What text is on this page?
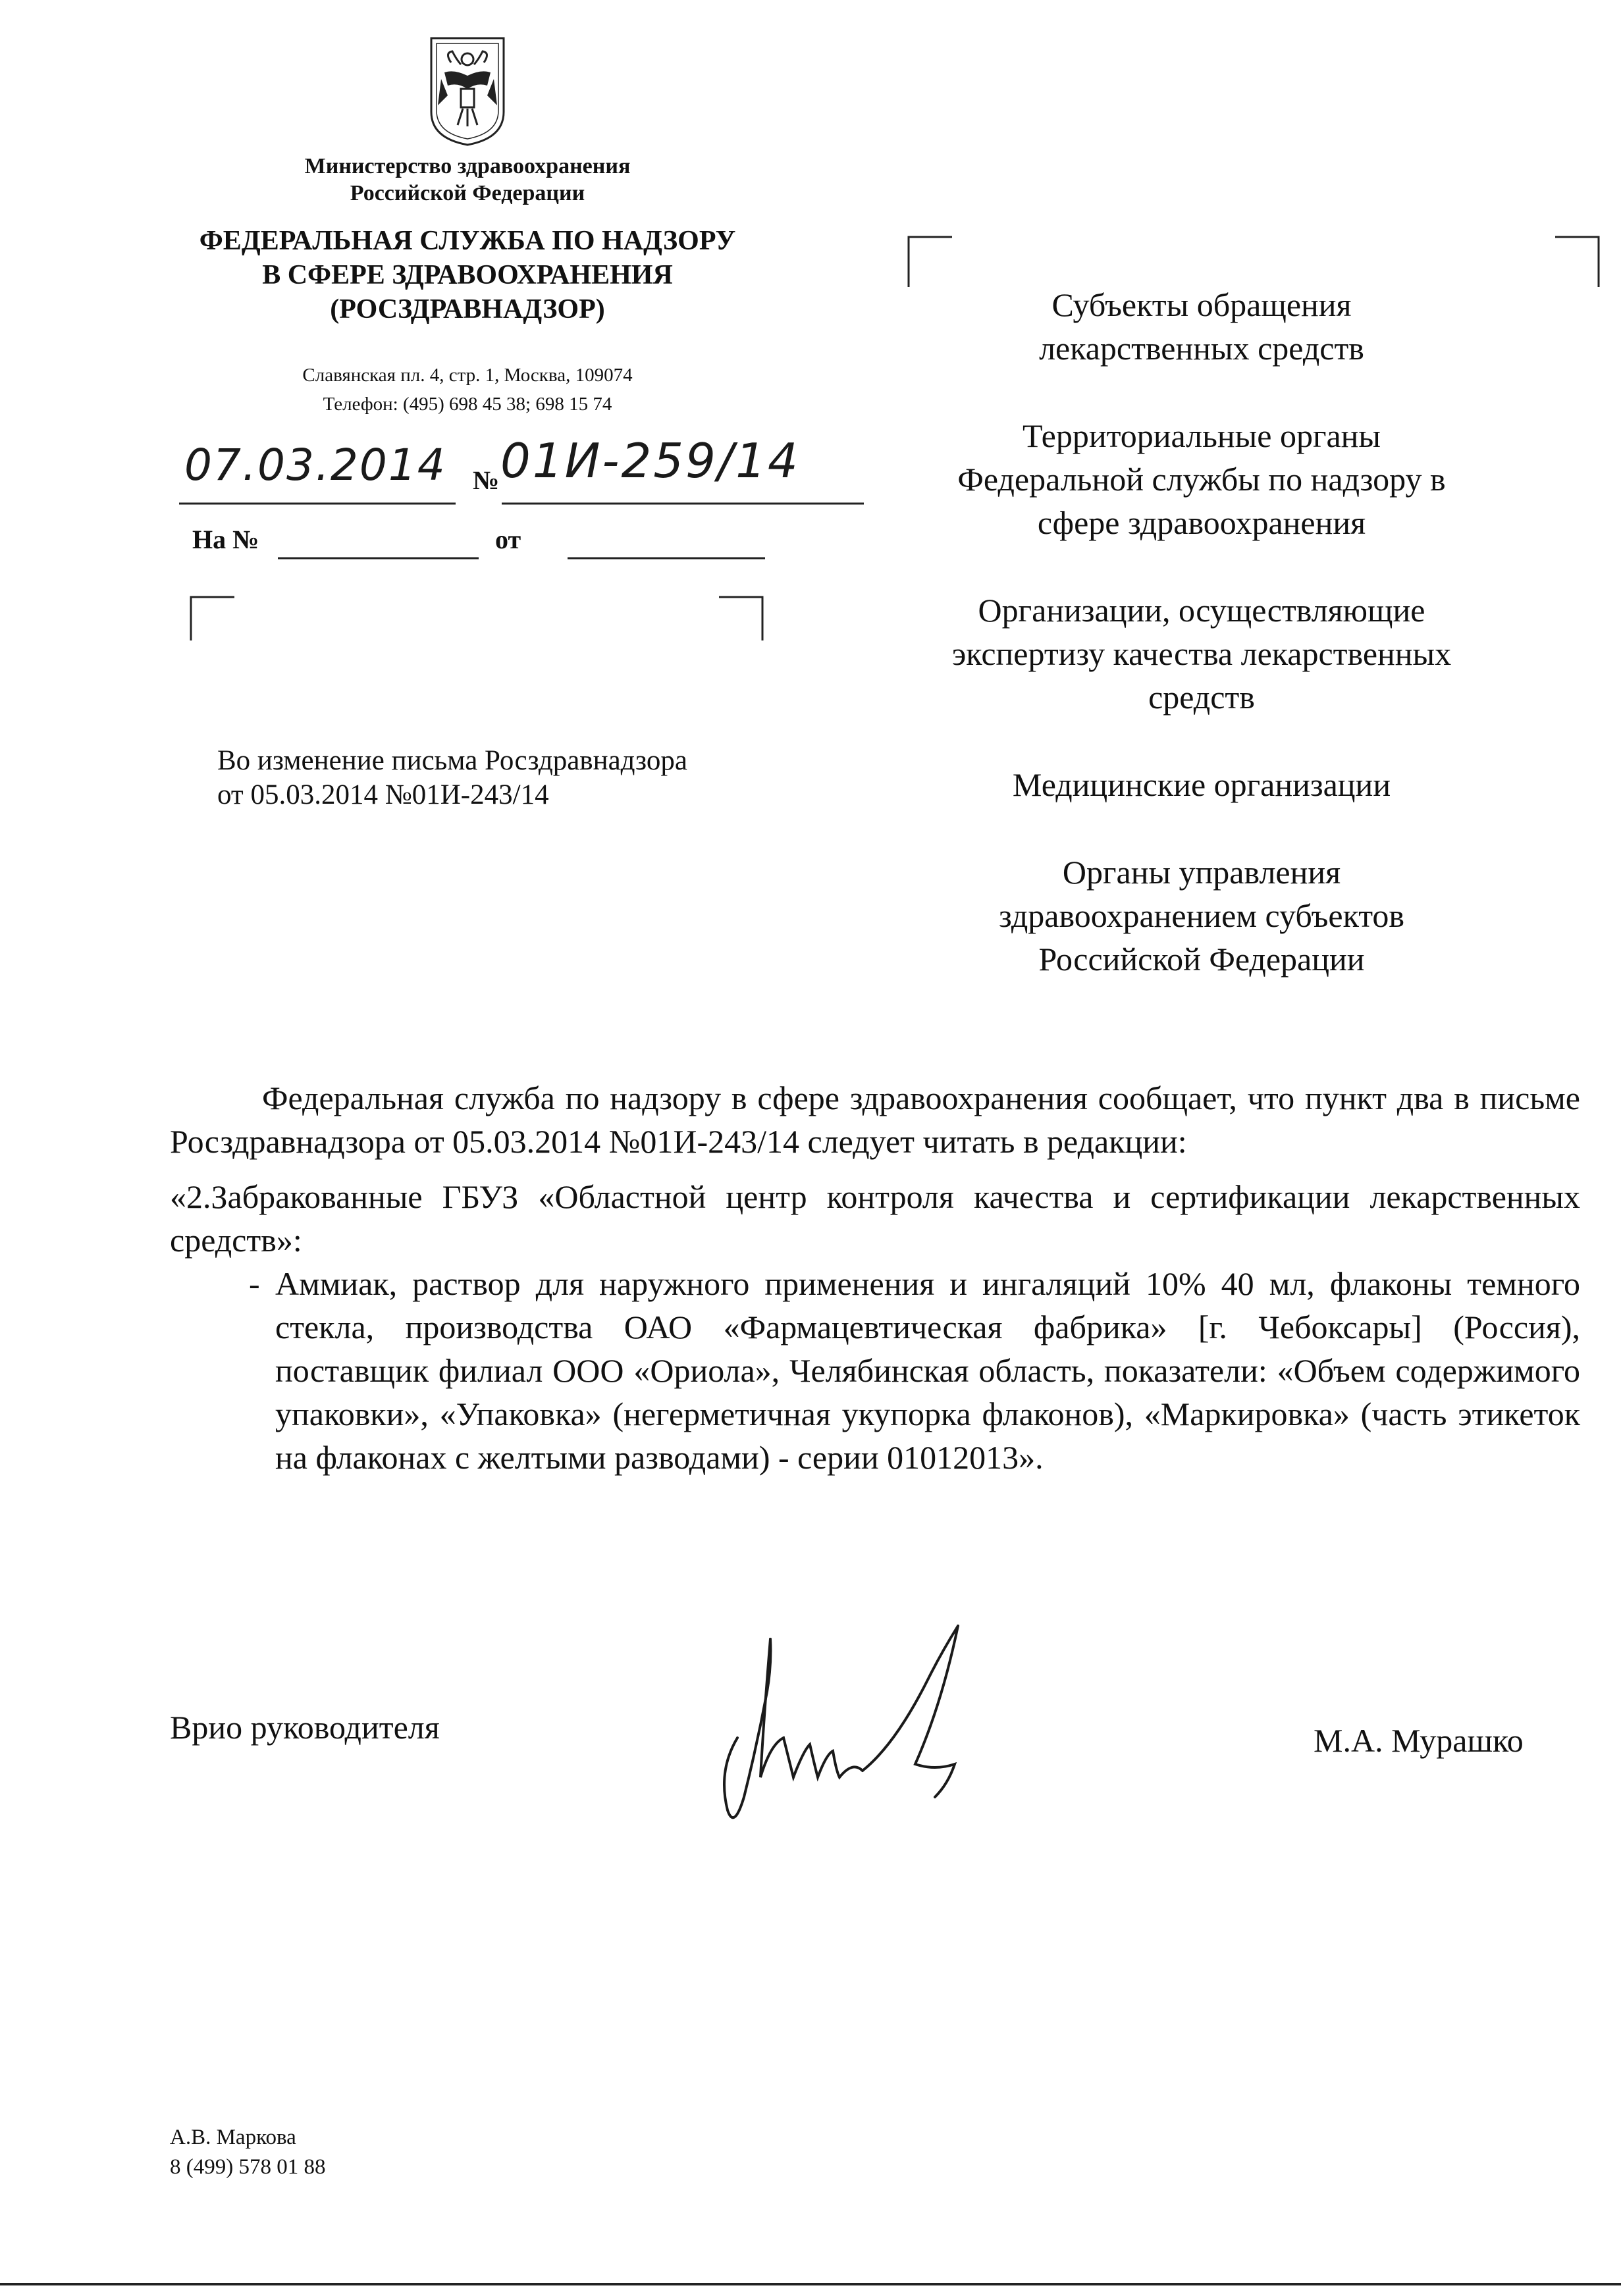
Министерство здравоохранения
Российской Федерации
ФЕДЕРАЛЬНАЯ СЛУЖБА ПО НАДЗОРУ
В СФЕРЕ ЗДРАВООХРАНЕНИЯ
(РОСЗДРАВНАДЗОР)
Славянская пл. 4, стр. 1, Москва, 109074
Телефон: (495) 698 45 38; 698 15 74
07.03.2014	№ 01И-259/14
На №	от
Во изменение письма Росздравнадзора
от 05.03.2014 №01И-243/14
Субъекты обращения
лекарственных средств
Территориальные органы
Федеральной службы по надзору в
сфере здравоохранения
Организации, осуществляющие
экспертизу качества лекарственных
средств
Медицинские организации
Органы управления
здравоохранением субъектов
Российской Федерации

Федеральная служба по надзору в сфере здравоохранения сообщает, что пункт два в письме Росздравнадзора от 05.03.2014 №01И-243/14 следует читать в редакции:

«2.Забракованные ГБУЗ «Областной центр контроля качества и сертификации лекарственных средств»:

- Аммиак, раствор для наружного применения и ингаляций 10% 40 мл, флаконы темного стекла, производства ОАО «Фармацевтическая фабрика» [г. Чебоксары] (Россия), поставщик филиал ООО «Ориола», Челябинская область, показатели: «Объем содержимого упаковки», «Упаковка» (негерметичная укупорка флаконов), «Маркировка» (часть этикеток на флаконах с желтыми разводами) - серии 01012013».
Врио руководителя	М.А. Мурашко
А.В. Маркова
8 (499) 578 01 88
